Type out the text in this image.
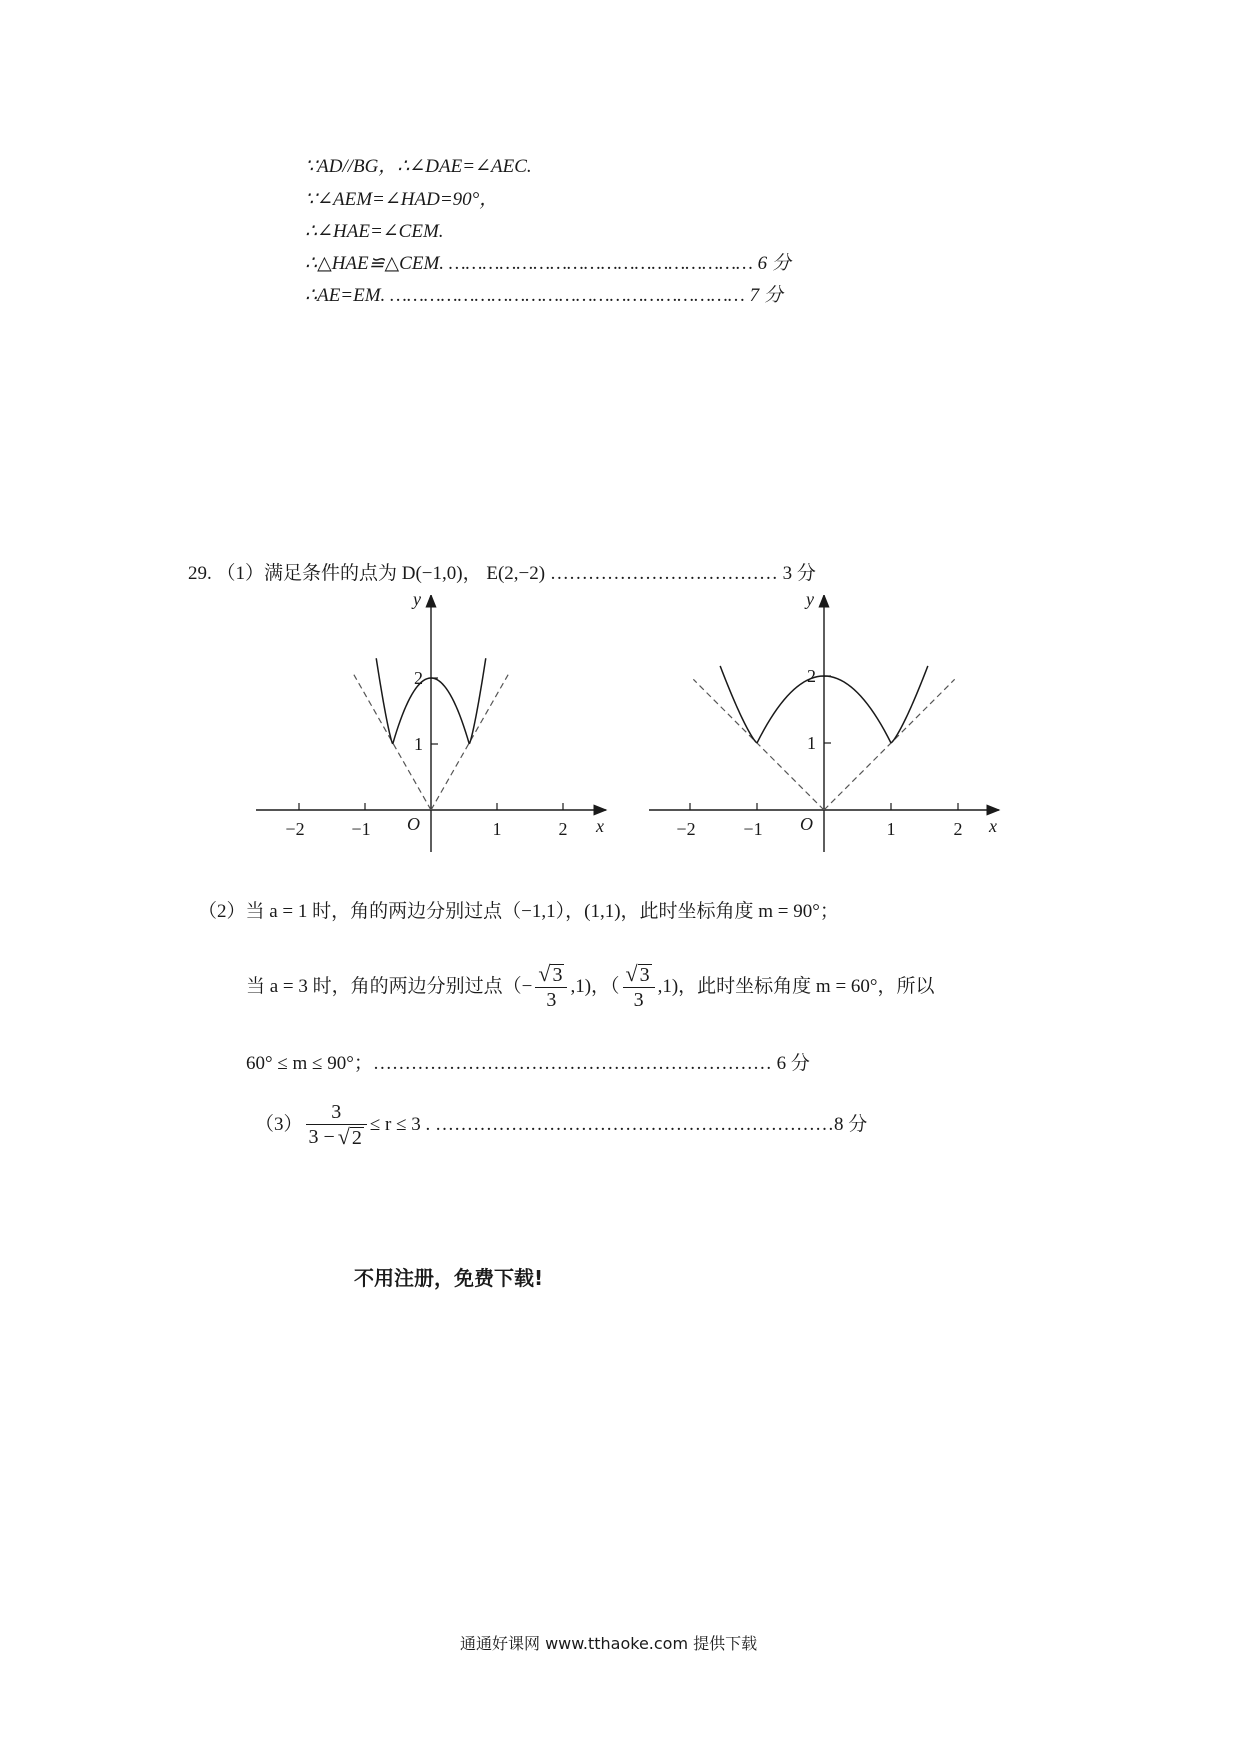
∵AD//BG，∴∠DAE=∠AEC.
∵∠AEM=∠HAD=90°，
∴∠HAE=∠CEM.
∴△HAE≌△CEM. ……………………………………………… 6 分
∴AE=EM. ……………………………………………………… 7 分
29. （1）满足条件的点为 D(−1,0)， E(2,−2) ……………………………… 3 分
−2	−1	1	2
1
2
x
y
O	−2	−1	1	2
1
2
x
y
O
（2）当 a = 1 时，角的两边分别过点（−1,1），(1,1)，此时坐标角度 m = 90°；
当 a = 3 时，角的两边分别过点（− $\frac{√ 3}{3} ,1$)，（ $\frac{√ 3}{3} ,1$)，此时坐标角度 m = 60°，所以
60° ≤ m ≤ 90°；……………………………………………………… 6 分
$(3) \frac{3}{3 - √ 2} \le r \le 3$ . ………………………………………………………8 分
不用注册，免费下载!
通通好课网 www.tthaoke.com 提供下载
